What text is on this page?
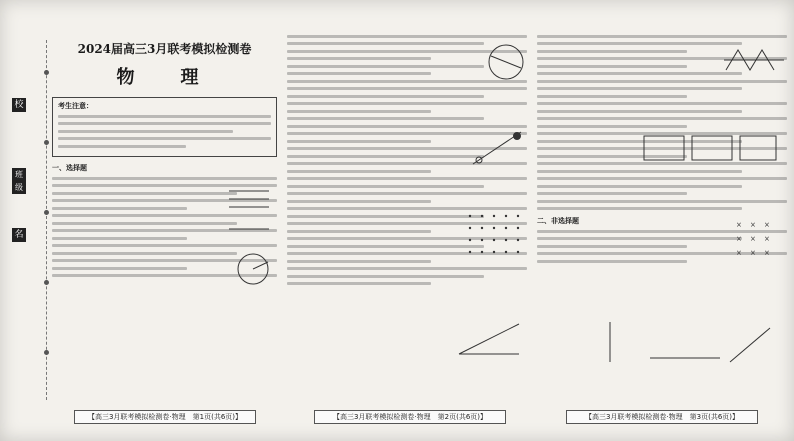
校
班级
名
2024届高三3月联考模拟检测卷
物　理
考生注意：
一、选择题
二、非选择题	× × ×
× × ×
× × ×
【高三3月联考模拟检测卷·物理　第1页(共6页)】	【高三3月联考模拟检测卷·物理　第2页(共6页)】	【高三3月联考模拟检测卷·物理　第3页(共6页)】
